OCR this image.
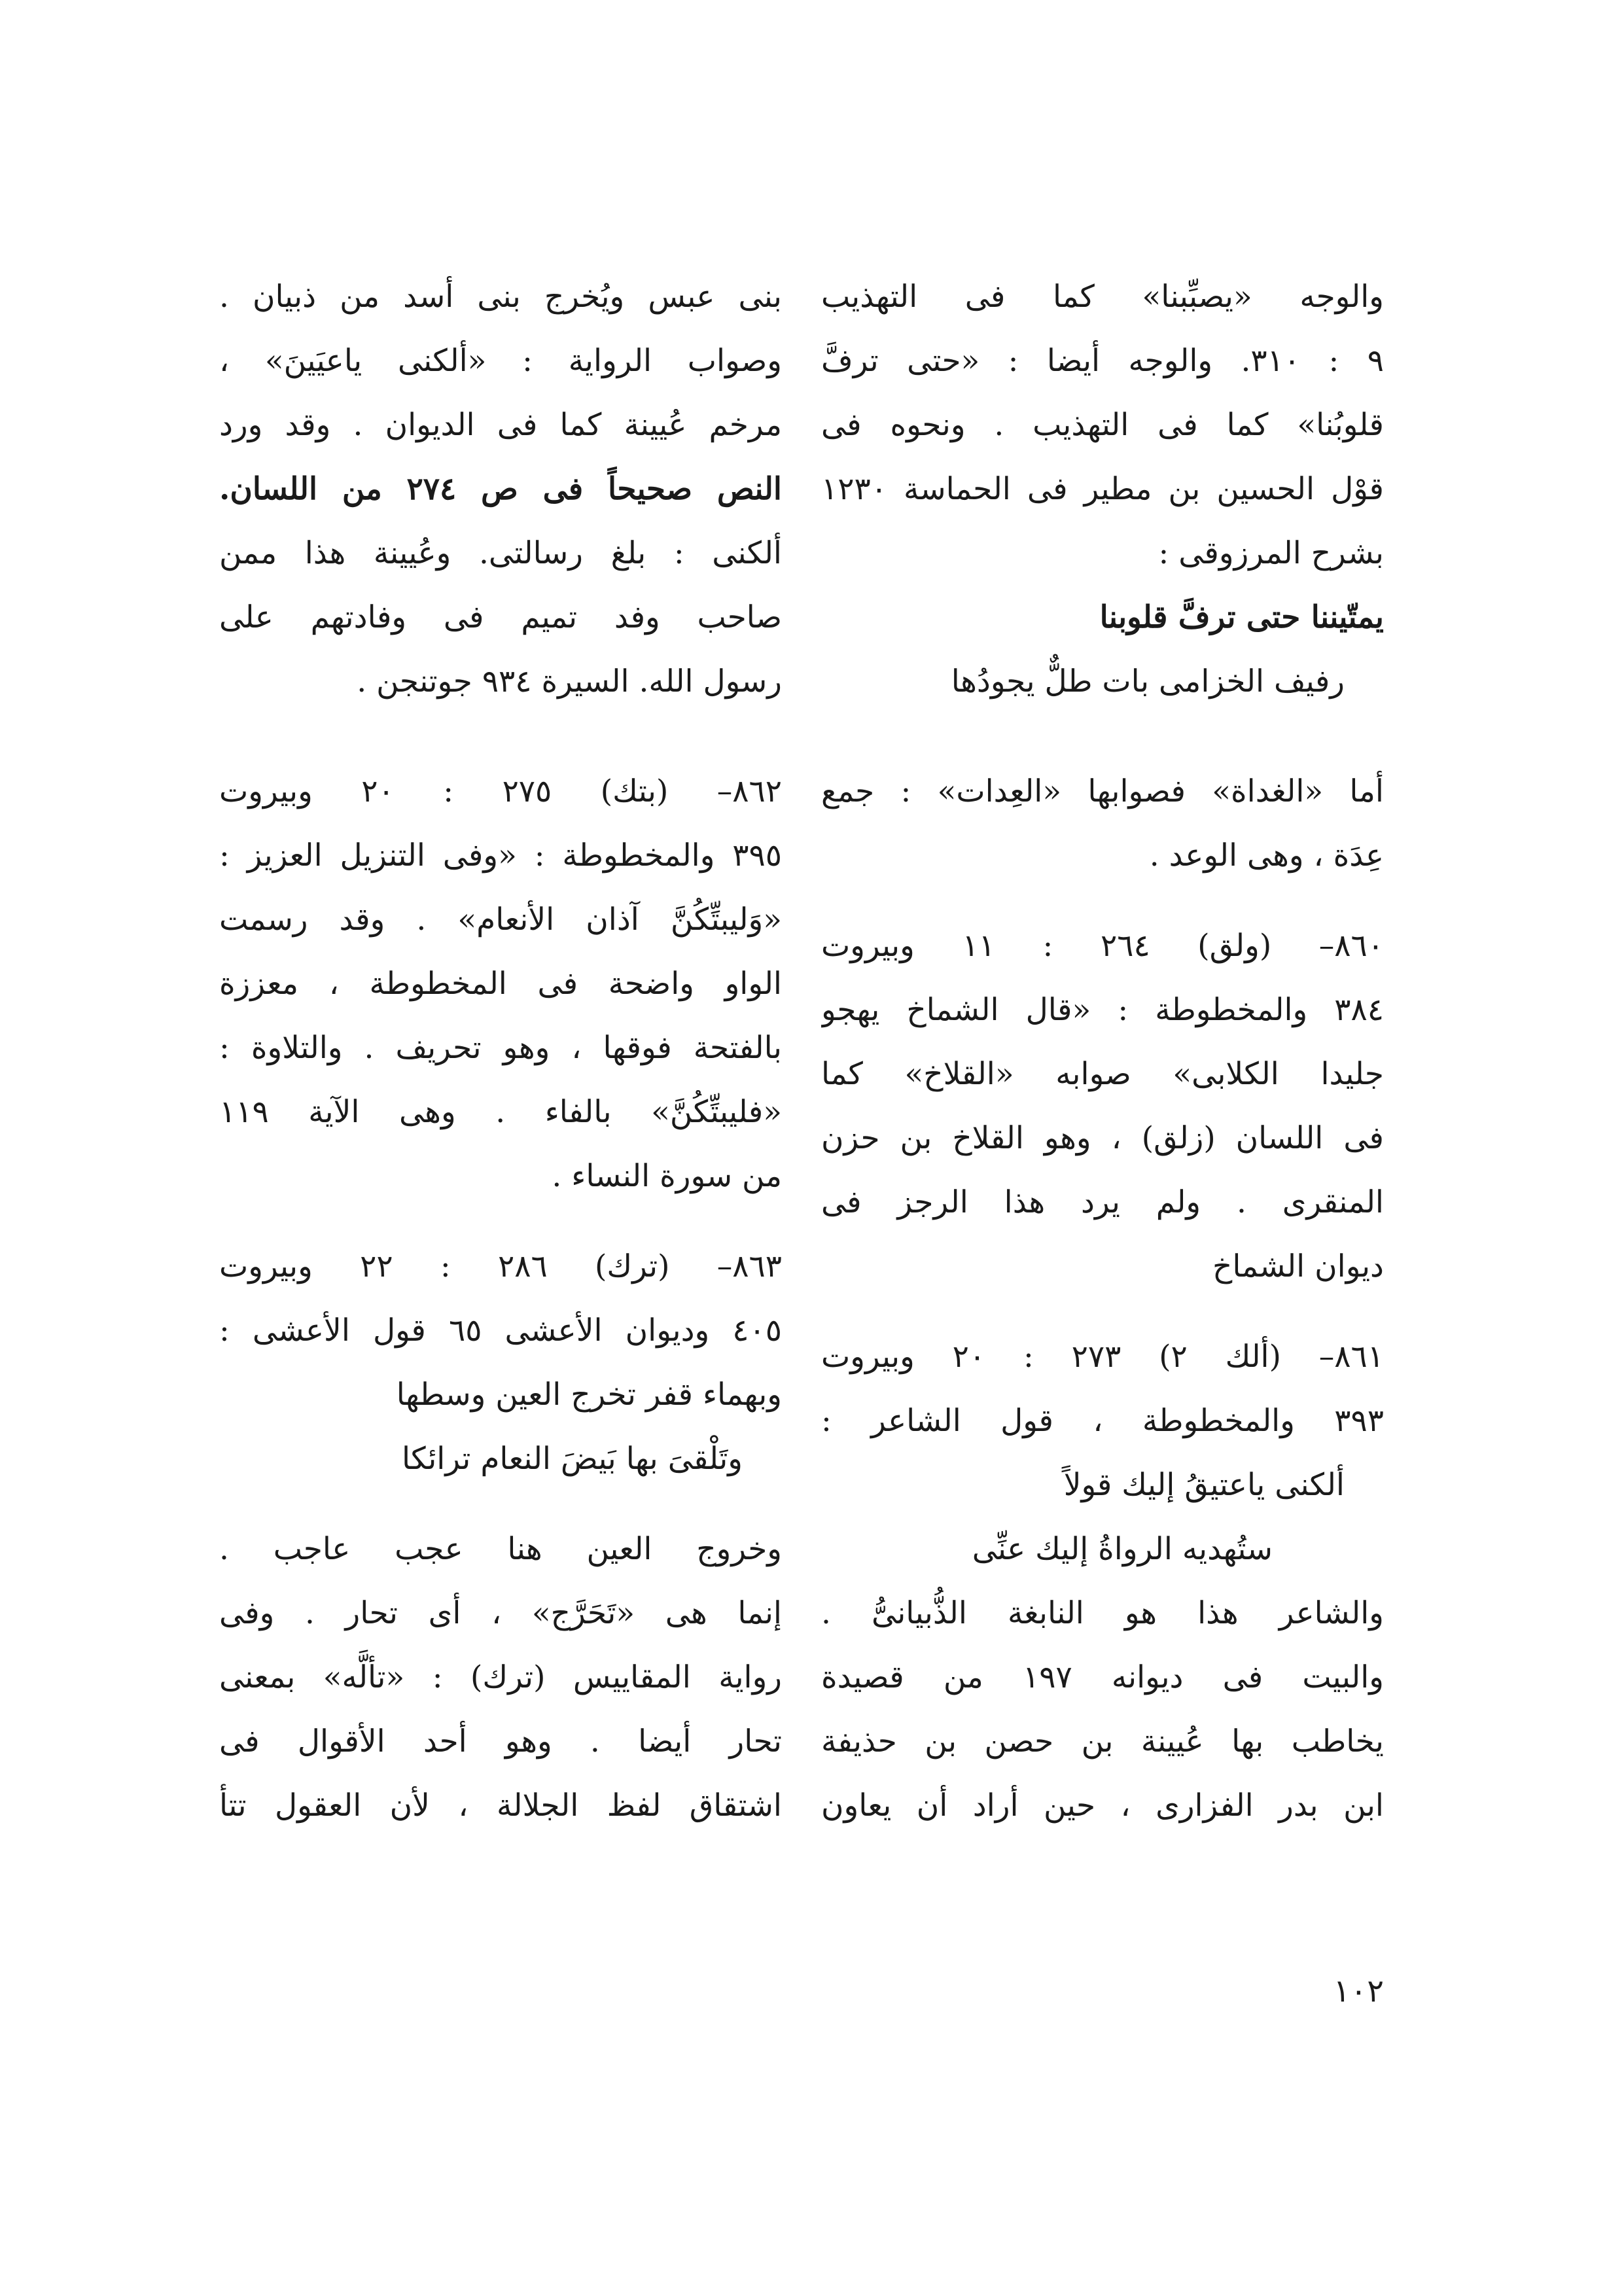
والوجه «يصبِّبنا» كما فى التهذيب
٩ : ٣١٠. والوجه أيضا : «حتى ترفَّ
قلوبُنا» كما فى التهذيب . ونحوه فى
قوْل الحسين بن مطير فى الحماسة ١٢٣٠
بشرح المرزوقى :
يمتّيننا حتى ترفَّ قلوبنا
رفيف الخزامى بات طلٌّ يجودُها
أما «الغداة» فصوابها «العِدات» : جمع
عِدَة ، وهى الوعد .
٨٦٠– (ولق) ٢٦٤ : ١١ وبيروت
٣٨٤ والمخطوطة : «قال الشماخ يهجو
جليدا الكلابى» صوابه «القلاخ» كما
فى اللسان (زلق) ، وهو القلاخ بن حزن
المنقرى . ولم يرد هذا الرجز فى
ديوان الشماخ
٨٦١– (ألك ٢) ٢٧٣ : ٢٠ وبيروت
٣٩٣ والمخطوطة ، قول الشاعر :
ألكنى ياعتيقُ إليك قولاً
ستُهديه الرواةُ إليك عنِّى
والشاعر هذا هو النابغة الذُّبيانىُّ .
والبيت فى ديوانه ١٩٧ من قصيدة
يخاطب بها عُيينة بن حصن بن حذيفة
ابن بدر الفزارى ، حين أراد أن يعاون
بنى عبس ويُخرج بنى أسد من ذبيان .
وصواب الرواية : «ألكنى ياعيَينَ» ،
مرخم عُيينة كما فى الديوان . وقد ورد
النص صحيحاً فى ص ٢٧٤ من اللسان.
ألكنى : بلغ رسالتى. وعُيينة هذا ممن
صاحب وفد تميم فى وفادتهم على
رسول الله. السيرة ٩٣٤ جوتنجن .
٨٦٢– (بتك) ٢٧٥ : ٢٠ وبيروت
٣٩٥ والمخطوطة : «وفى التنزيل العزيز :
«وَليبتِّكُنَّ آذان الأنعام» . وقد رسمت
الواو واضحة فى المخطوطة ، معززة
بالفتحة فوقها ، وهو تحريف . والتلاوة :
«فليبتِّكُنَّ» بالفاء . وهى الآية ١١٩
من سورة النساء .
٨٦٣– (ترك) ٢٨٦ : ٢٢ وبيروت
٤٠٥ وديوان الأعشى ٦٥ قول الأعشى :
وبهماء قفر تخرج العين وسطها
وتَلْقىَ بها بَيضَ النعام ترائكا
وخروج العين هنا عجب عاجب .
إنما هى «تَحَرَّج» ، أى تحار . وفى
رواية المقاييس (ترك) : «تألَّه» بمعنى
تحار أيضا . وهو أحد الأقوال فى
اشتقاق لفظ الجلالة ، لأن العقول تتأ
١٠٢
